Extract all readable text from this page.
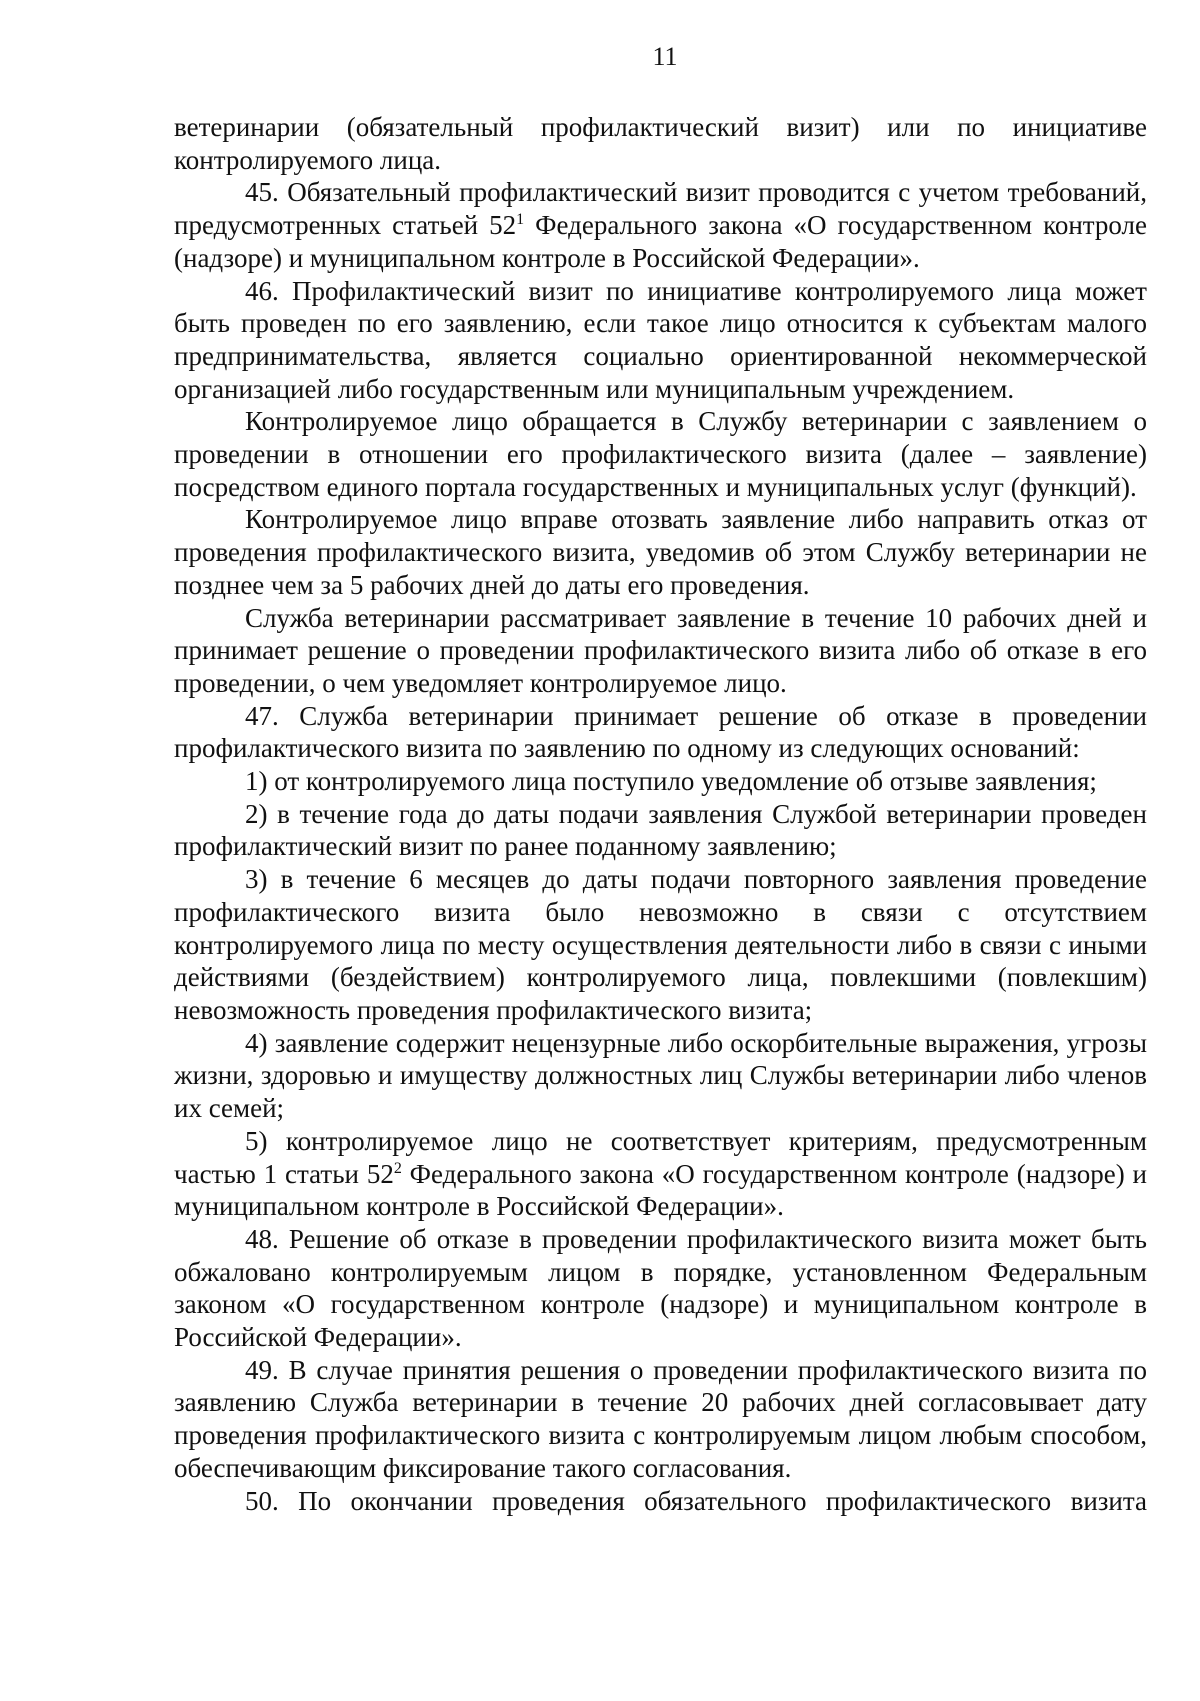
11

ветеринарии (обязательный профилактический визит) или по инициативе контролируемого лица.

45. Обязательный профилактический визит проводится с учетом требований, предусмотренных статьей $52^1$ Федерального закона «О государственном контроле (надзоре) и муниципальном контроле в Российской Федерации».

46. Профилактический визит по инициативе контролируемого лица может быть проведен по его заявлению, если такое лицо относится к субъектам малого предпринимательства, является социально ориентированной некоммерческой организацией либо государственным или муниципальным учреждением.

Контролируемое лицо обращается в Службу ветеринарии с заявлением о проведении в отношении его профилактического визита (далее – заявление) посредством единого портала государственных и муниципальных услуг (функций).

Контролируемое лицо вправе отозвать заявление либо направить отказ от проведения профилактического визита, уведомив об этом Службу ветеринарии не позднее чем за 5 рабочих дней до даты его проведения.

Служба ветеринарии рассматривает заявление в течение 10 рабочих дней и принимает решение о проведении профилактического визита либо об отказе в его проведении, о чем уведомляет контролируемое лицо.

47. Служба ветеринарии принимает решение об отказе в проведении профилактического визита по заявлению по одному из следующих оснований:

1) от контролируемого лица поступило уведомление об отзыве заявления;

2) в течение года до даты подачи заявления Службой ветеринарии проведен профилактический визит по ранее поданному заявлению;

3) в течение 6 месяцев до даты подачи повторного заявления проведение профилактического визита было невозможно в связи с отсутствием контролируемого лица по месту осуществления деятельности либо в связи с иными действиями (бездействием) контролируемого лица, повлекшими (повлекшим) невозможность проведения профилактического визита;

4) заявление содержит нецензурные либо оскорбительные выражения, угрозы жизни, здоровью и имуществу должностных лиц Службы ветеринарии либо членов их семей;

5) контролируемое лицо не соответствует критериям, предусмотренным частью 1 статьи $52^2$ Федерального закона «О государственном контроле (надзоре) и муниципальном контроле в Российской Федерации».

48. Решение об отказе в проведении профилактического визита может быть обжаловано контролируемым лицом в порядке, установленном Федеральным законом «О государственном контроле (надзоре) и муниципальном контроле в Российской Федерации».

49. В случае принятия решения о проведении профилактического визита по заявлению Служба ветеринарии в течение 20 рабочих дней согласовывает дату проведения профилактического визита с контролируемым лицом любым способом, обеспечивающим фиксирование такого согласования.

50. По окончании проведения обязательного профилактического визита
